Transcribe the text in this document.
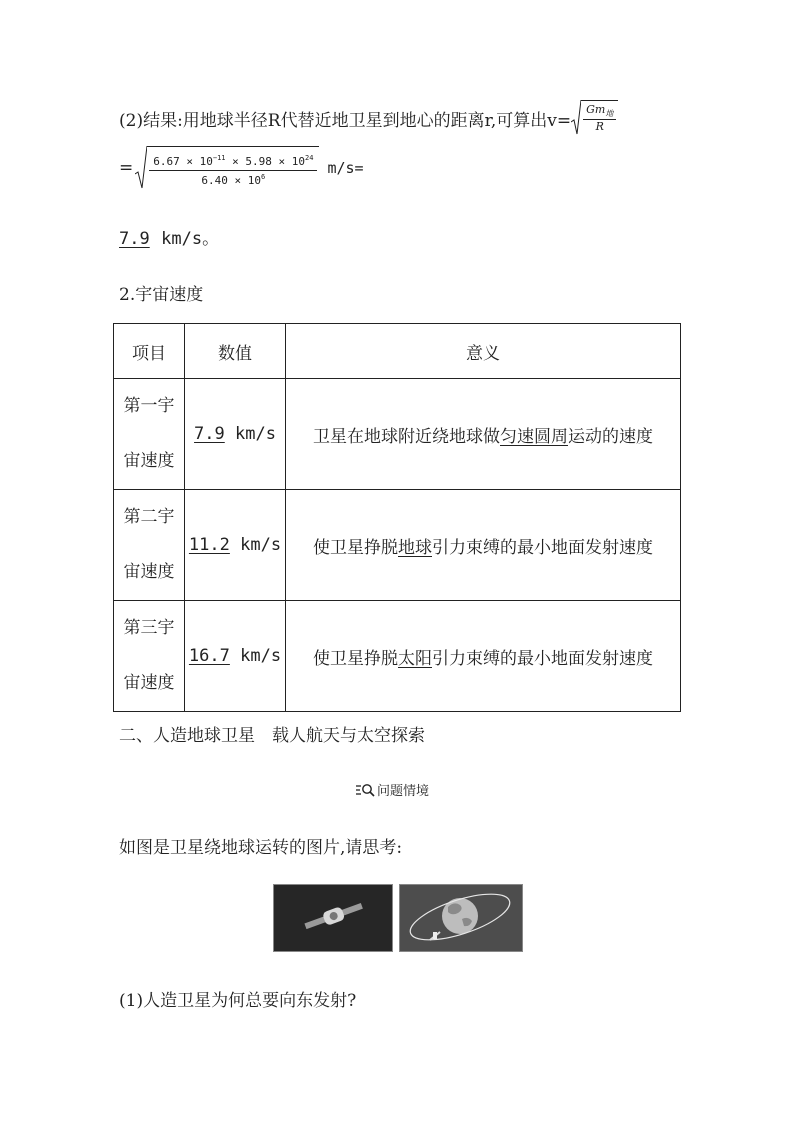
(2)结果:用地球半径R代替近地卫星到地心的距离r,可算出$v= \frac{Gm_地}{R}$
= $\frac{6.67 \times 10^{-11} \times 5.98 \times 10^{24}}{6.40 \times 10^6} m/s=$
7.9 km/s。
2.宇宙速度
项目	数值	意义

第一宇
宙速度	7.9 km/s	卫星在地球附近绕地球做匀速圆周运动的速度

第二宇
宙速度	11.2 km/s	使卫星挣脱地球引力束缚的最小地面发射速度

第三宇
宙速度	16.7 km/s	使卫星挣脱太阳引力束缚的最小地面发射速度
二、人造地球卫星　载人航天与太空探索
问题情境
如图是卫星绕地球运转的图片,请思考:
(1)人造卫星为何总要向东发射?
